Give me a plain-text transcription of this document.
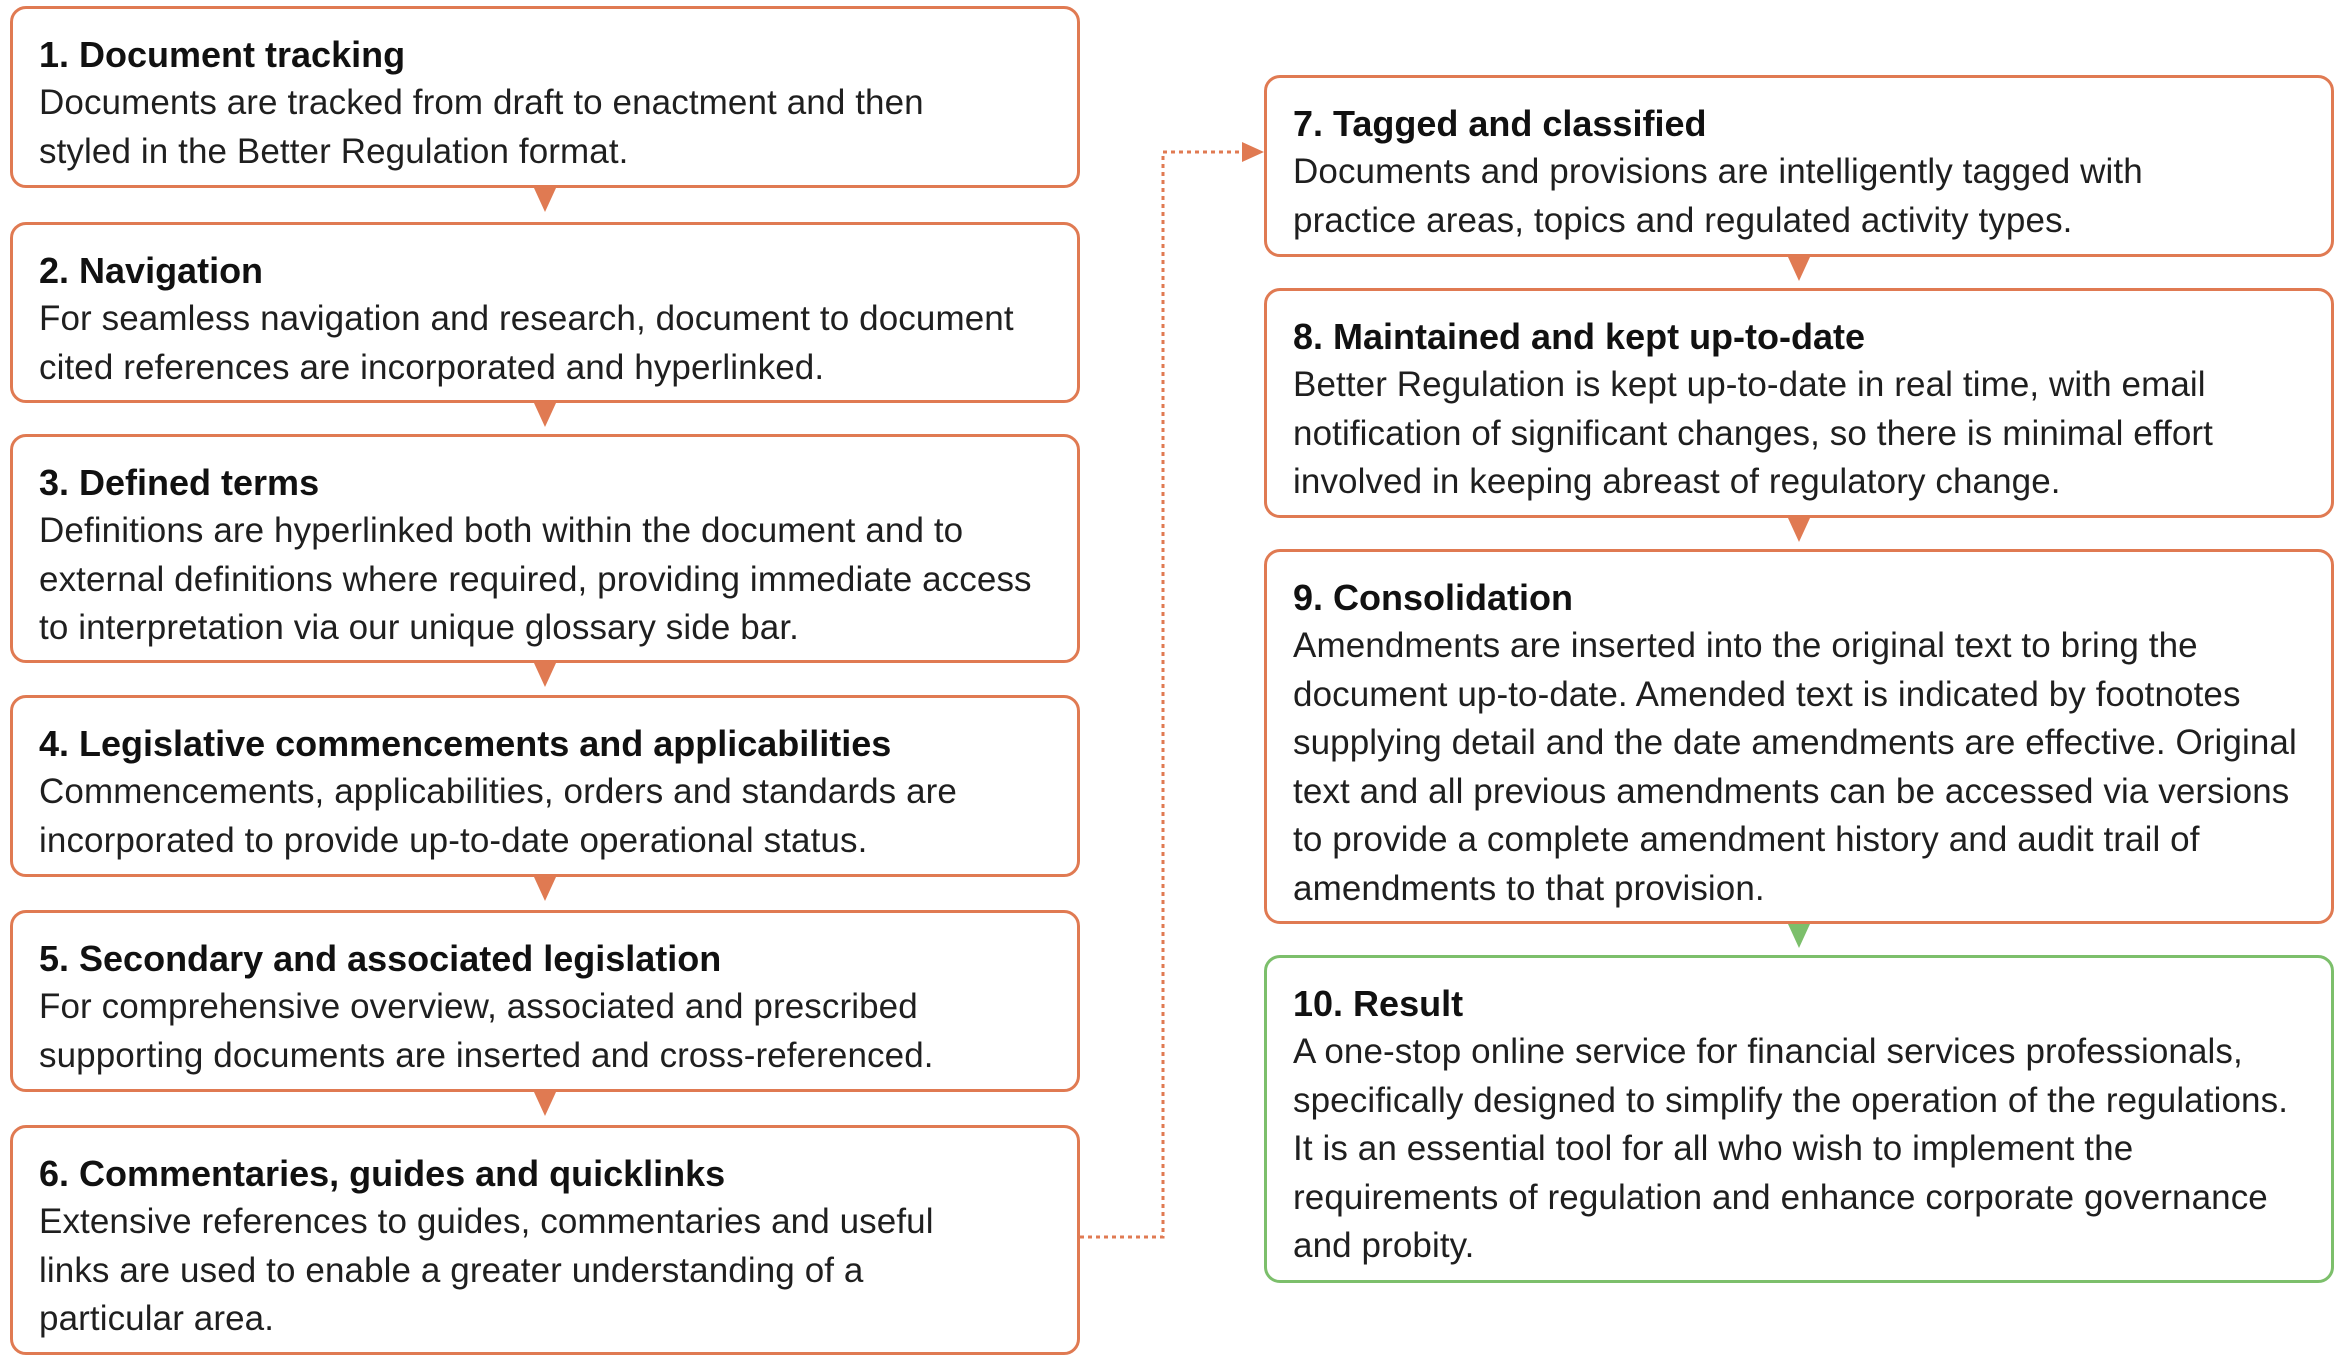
1. Document tracking

Documents are tracked from draft to enactment and then styled in the Better Regulation format.

2. Navigation

For seamless navigation and research, document to document cited references are incorporated and hyperlinked.

3. Defined terms

Definitions are hyperlinked both within the document and to external definitions where required, providing immediate access to interpretation via our unique glossary side bar.

4. Legislative commencements and applicabilities

Commencements, applicabilities, orders and standards are incorporated to provide up-to-date operational status.

5. Secondary and associated legislation

For comprehensive overview, associated and prescribed supporting documents are inserted and cross-referenced.

6. Commentaries, guides and quicklinks

Extensive references to guides, commentaries and useful links are used to enable a greater understanding of a particular area.

7. Tagged and classified

Documents and provisions are intelligently tagged with practice areas, topics and regulated activity types.

8. Maintained and kept up-to-date

Better Regulation is kept up-to-date in real time, with email notification of significant changes, so there is minimal effort involved in keeping abreast of regulatory change.

9. Consolidation

Amendments are inserted into the original text to bring the document up-to-date. Amended text is indicated by footnotes supplying detail and the date amendments are effective. Original text and all previous amendments can be accessed via versions to provide a complete amendment history and audit trail of amendments to that provision.

10. Result

A one-stop online service for financial services professionals, specifically designed to simplify the operation of the regulations. It is an essential tool for all who wish to implement the requirements of regulation and enhance corporate governance and probity.
